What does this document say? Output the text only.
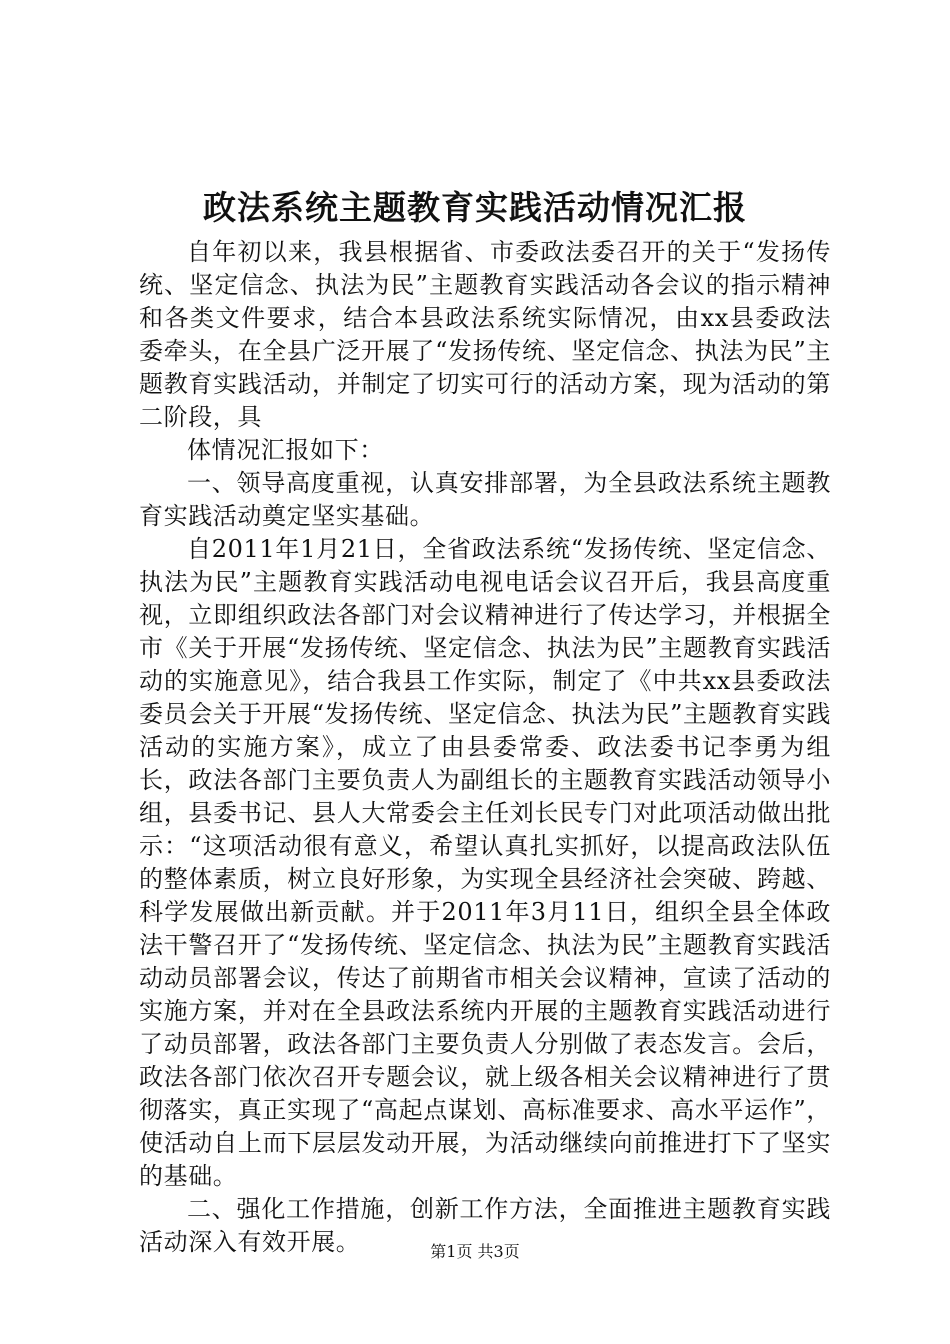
政法系统主题教育实践活动情况汇报

自年初以来，我县根据省、市委政法委召开的关于“发扬传统、坚定信念、执法为民”主题教育实践活动各会议的指示精神和各类文件要求，结合本县政法系统实际情况，由xx县委政法委牵头，在全县广泛开展了“发扬传统、坚定信念、执法为民”主题教育实践活动，并制定了切实可行的活动方案，现为活动的第二阶段，具

体情况汇报如下：

一、领导高度重视，认真安排部署，为全县政法系统主题教育实践活动奠定坚实基础。

自2011年1月21日，全省政法系统“发扬传统、坚定信念、执法为民”主题教育实践活动电视电话会议召开后，我县高度重视，立即组织政法各部门对会议精神进行了传达学习，并根据全市《关于开展“发扬传统、坚定信念、执法为民”主题教育实践活动的实施意见》，结合我县工作实际，制定了《中共xx县委政法委员会关于开展“发扬传统、坚定信念、执法为民”主题教育实践活动的实施方案》，成立了由县委常委、政法委书记李勇为组长，政法各部门主要负责人为副组长的主题教育实践活动领导小组，县委书记、县人大常委会主任刘长民专门对此项活动做出批示：“这项活动很有意义，希望认真扎实抓好，以提高政法队伍的整体素质，树立良好形象，为实现全县经济社会突破、跨越、科学发展做出新贡献。并于2011年3月11日，组织全县全体政法干警召开了“发扬传统、坚定信念、执法为民”主题教育实践活动动员部署会议，传达了前期省市相关会议精神，宣读了活动的实施方案，并对在全县政法系统内开展的主题教育实践活动进行了动员部署，政法各部门主要负责人分别做了表态发言。会后，政法各部门依次召开专题会议，就上级各相关会议精神进行了贯彻落实，真正实现了“高起点谋划、高标准要求、高水平运作”，使活动自上而下层层发动开展，为活动继续向前推进打下了坚实的基础。

二、强化工作措施，创新工作方法，全面推进主题教育实践活动深入有效开展。	第1页 共3页
